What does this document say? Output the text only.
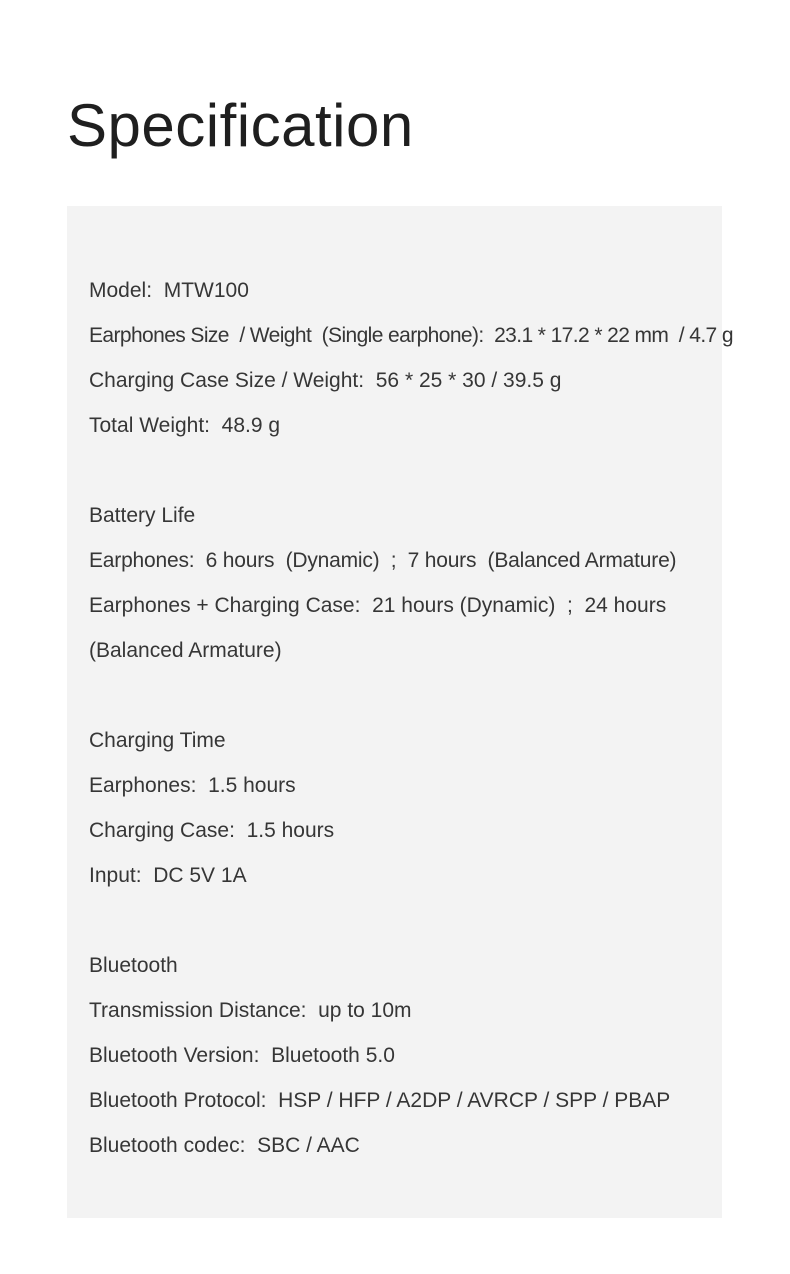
Specification
Model:  MTW100
Earphones Size  / Weight  (Single earphone):  23.1 * 17.2 * 22 mm  / 4.7 g
Charging Case Size / Weight:  56 * 25 * 30 / 39.5 g
Total Weight:  48.9 g
Battery Life
Earphones:  6 hours  (Dynamic)  ;  7 hours  (Balanced Armature)
Earphones + Charging Case:  21 hours (Dynamic)  ;  24 hours
(Balanced Armature)
Charging Time
Earphones:  1.5 hours
Charging Case:  1.5 hours
Input:  DC 5V 1A
Bluetooth
Transmission Distance:  up to 10m
Bluetooth Version:  Bluetooth 5.0
Bluetooth Protocol:  HSP / HFP / A2DP / AVRCP / SPP / PBAP
Bluetooth codec:  SBC / AAC
